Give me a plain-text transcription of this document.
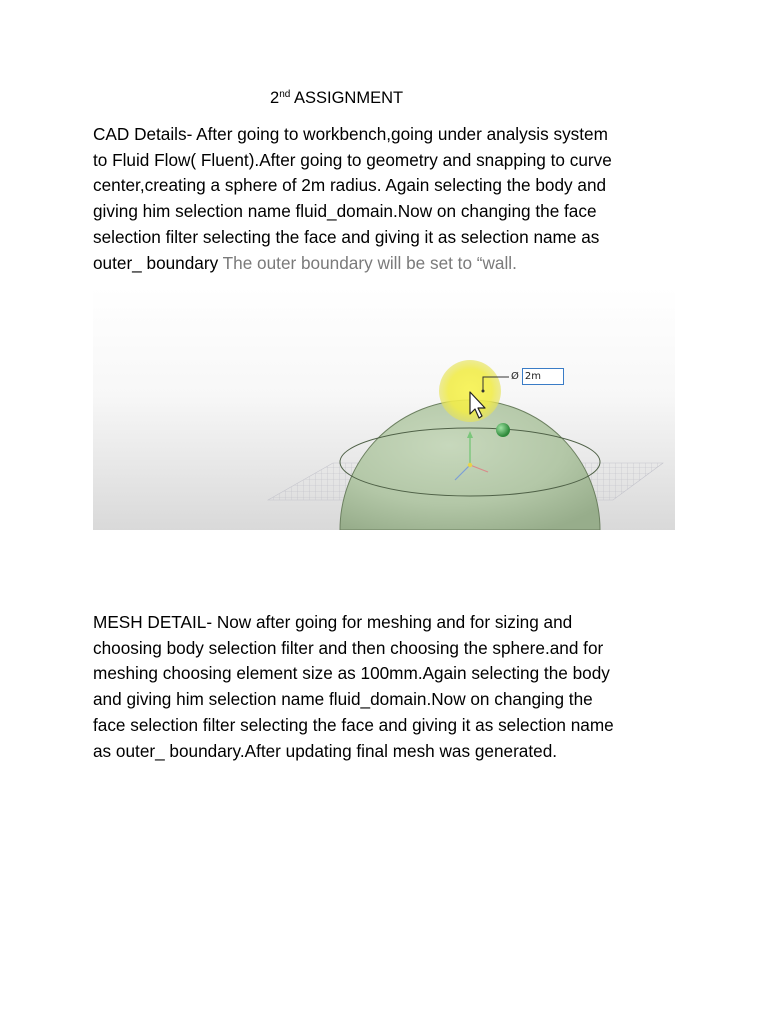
2nd ASSIGNMENT
CAD Details- After going to workbench,going under analysis system
to Fluid Flow( Fluent).After going to geometry and snapping to curve
center,creating a sphere of 2m radius. Again selecting the body and
giving him selection name fluid_domain.Now on changing the face
selection filter selecting the face and giving it as selection name as
outer_ boundary The outer boundary will be set to “wall.
Ø 2m
MESH DETAIL- Now after going for meshing and for sizing and
choosing body selection filter and then choosing the sphere.and for
meshing choosing element size as 100mm.Again selecting the body
and giving him selection name fluid_domain.Now on changing the
face selection filter selecting the face and giving it as selection name
as outer_ boundary.After updating final mesh was generated.
